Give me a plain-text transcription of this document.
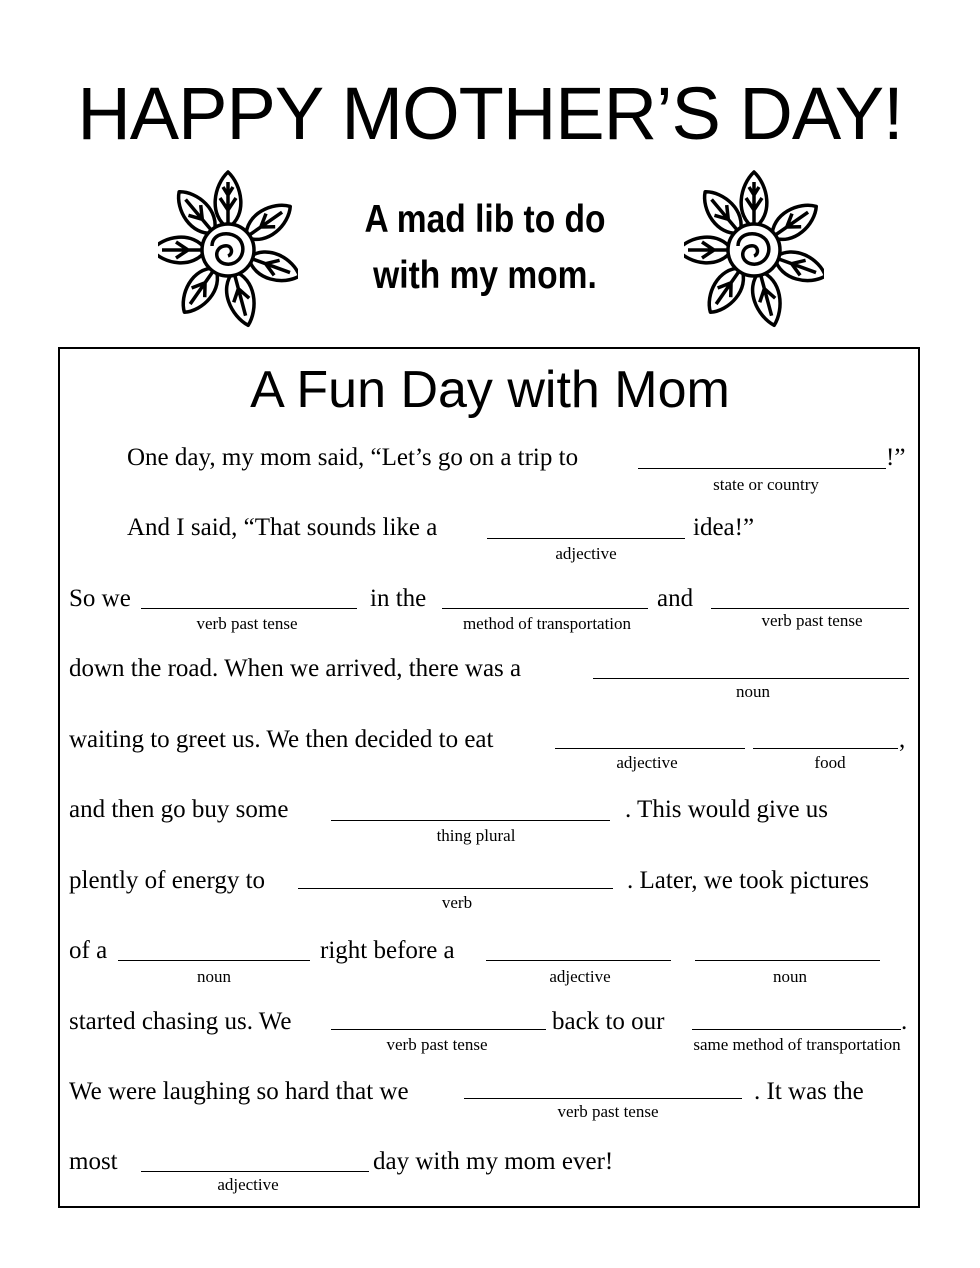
HAPPY MOTHER’S DAY!
A mad lib to do
with my mom.
A Fun Day with Mom
One day, my mom said, “Let’s go on a trip to	!”
state or country
And I said, “That sounds like a	idea!”
adjective
So we	in the	and
verb past tense	method of transportation	verb past tense
down the road. When we arrived, there was a
noun
waiting to greet us. We then decided to eat	,
adjective	food
and then go buy some	. This would give us
thing plural
plently of energy to	. Later, we took pictures
verb
of a	right before a
noun	adjective	noun
started chasing us. We	back to our	.
verb past tense	same method of transportation
We were laughing so hard that we	. It was the
verb past tense
most	day with my mom ever!
adjective
